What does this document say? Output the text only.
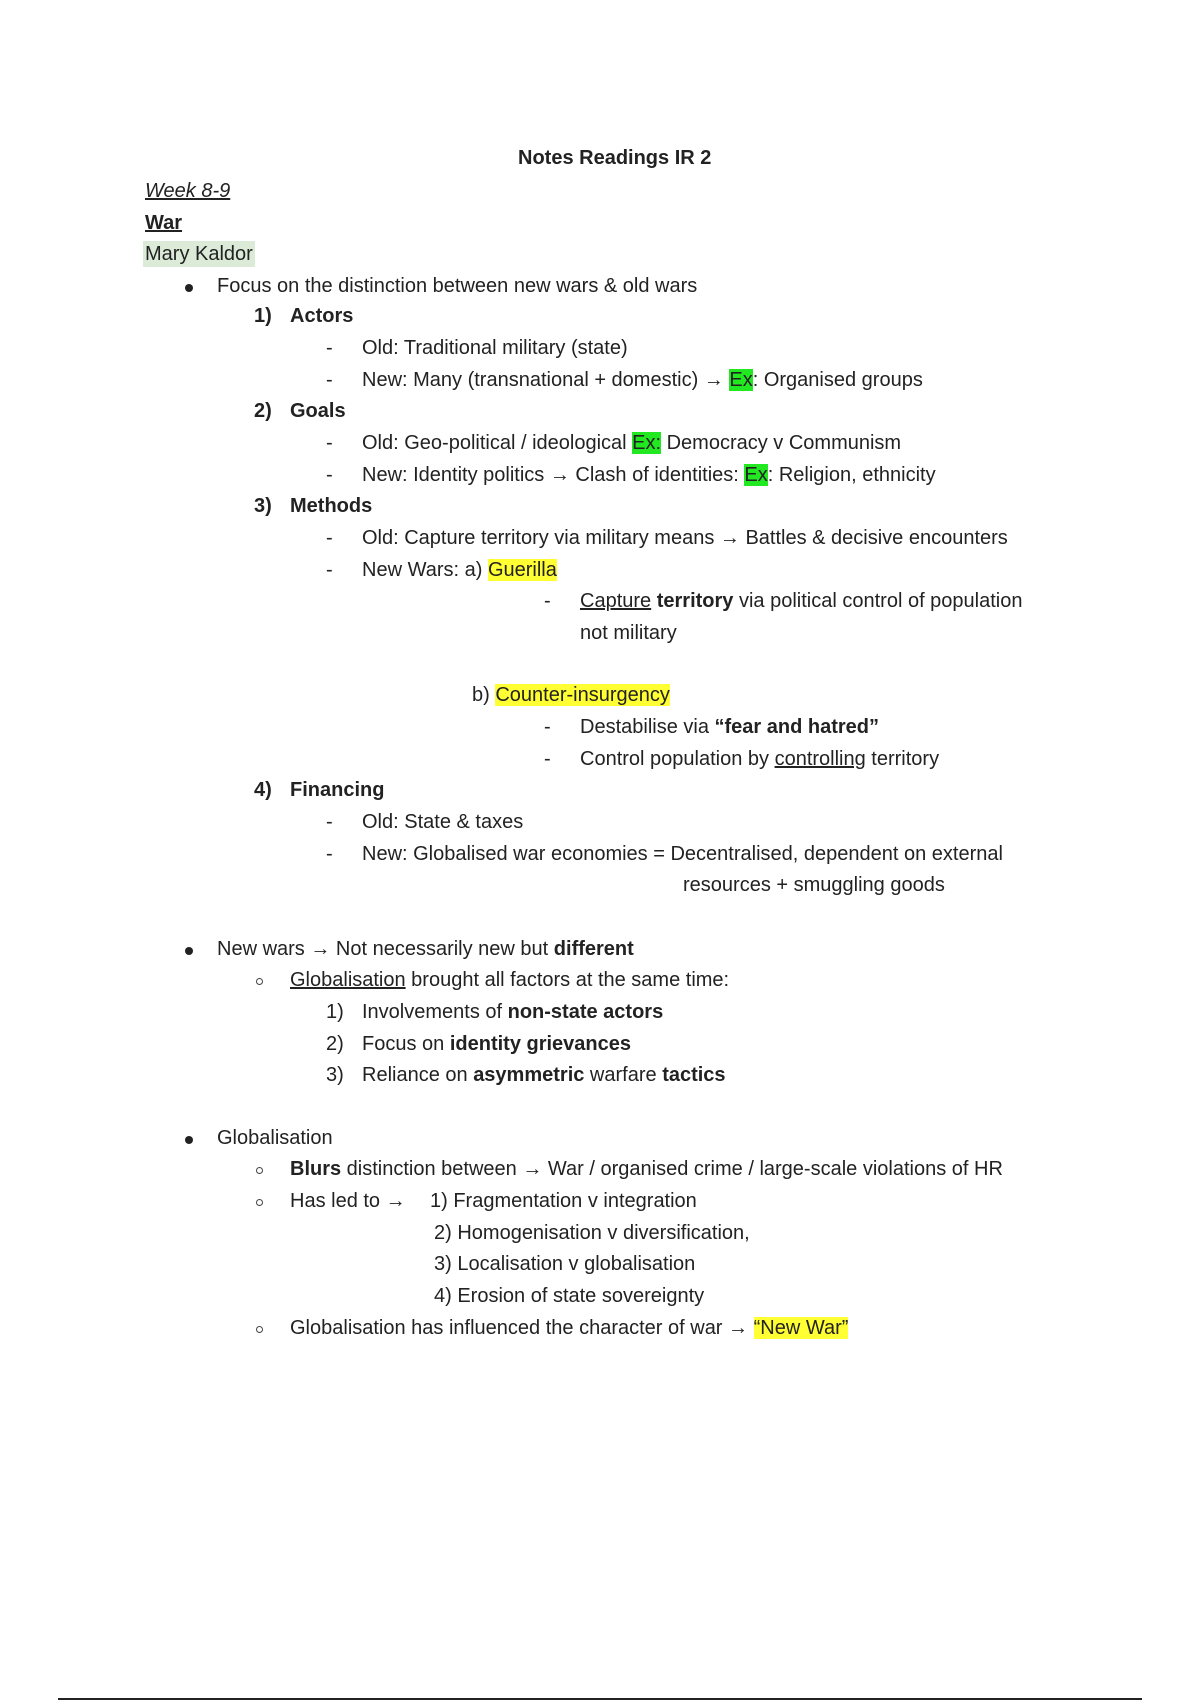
Notes Readings IR 2
Week 8-9
War
Mary Kaldor
Focus on the distinction between new wars & old wars
1) Actors
- Old: Traditional military (state)
- New: Many (transnational + domestic) → Ex: Organised groups
2) Goals
- Old: Geo-political / ideological Ex: Democracy v Communism
- New: Identity politics → Clash of identities: Ex: Religion, ethnicity
3) Methods
- Old: Capture territory via military means → Battles & decisive encounters
- New Wars: a) Guerilla
- Capture territory via political control of population
not military
b) Counter-insurgency
- Destabilise via “fear and hatred”
- Control population by controlling territory
4) Financing
- Old: State & taxes
- New: Globalised war economies = Decentralised, dependent on external
resources + smuggling goods
New wars → Not necessarily new but different
Globalisation brought all factors at the same time:
1) Involvements of non-state actors
2) Focus on identity grievances
3) Reliance on asymmetric warfare tactics
Globalisation
Blurs distinction between → War / organised crime / large-scale violations of HR
Has led to → 1) Fragmentation v integration
2) Homogenisation v diversification,
3) Localisation v globalisation
4) Erosion of state sovereignty
Globalisation has influenced the character of war → “New War”
